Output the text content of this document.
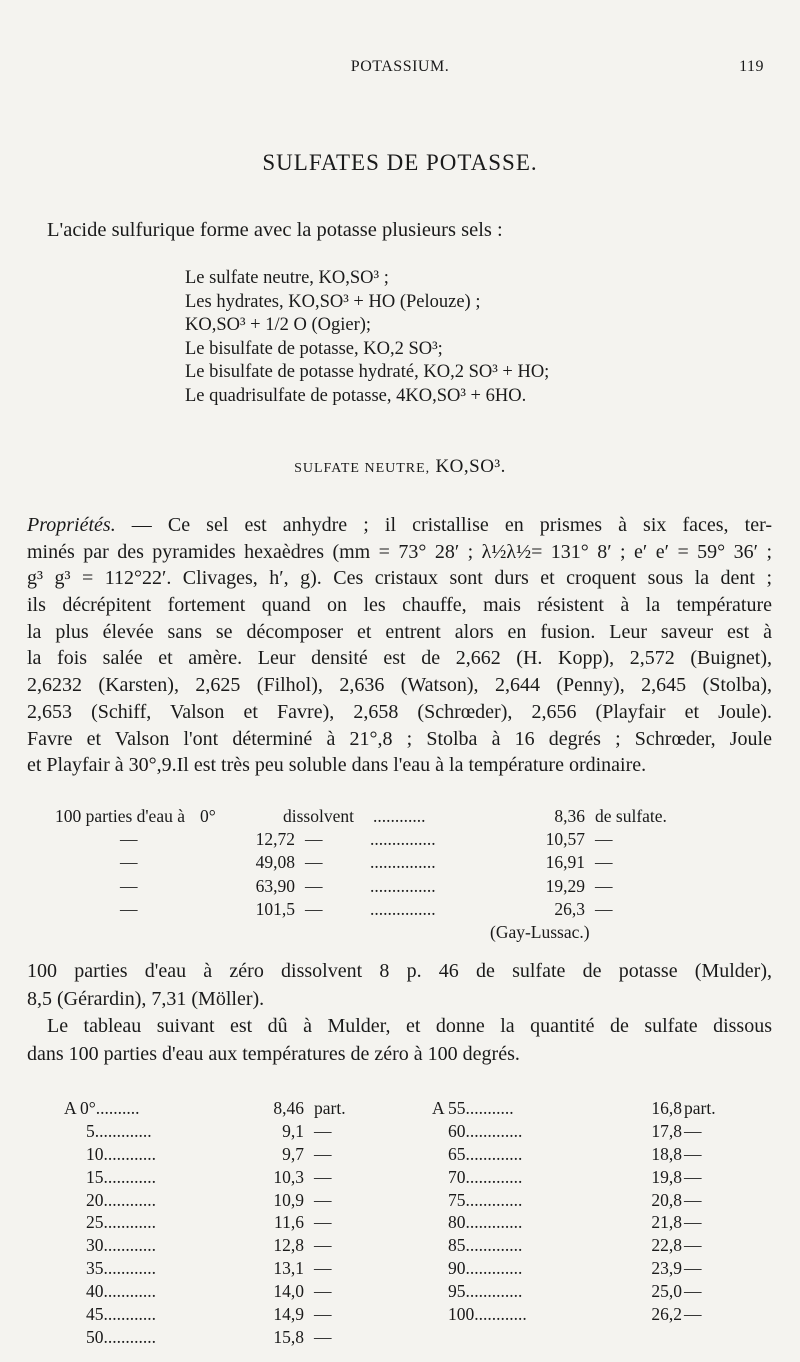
POTASSIUM.	119
SULFATES DE POTASSE.
L'acide sulfurique forme avec la potasse plusieurs sels :
Le sulfate neutre, KO,SO³ ;
Les hydrates, KO,SO³ + HO (Pelouze) ;
KO,SO³ + 1/2 O (Ogier);
Le bisulfate de potasse, KO,2 SO³;
Le bisulfate de potasse hydraté, KO,2 SO³ + HO;
Le quadrisulfate de potasse, 4KO,SO³ + 6HO.
SULFATE NEUTRE, KO,SO³.
Propriétés. — Ce sel est anhydre ; il cristallise en prismes à six faces, ter-
minés par des pyramides hexaèdres (mm = 73° 28′ ; λ½λ½= 131° 8′ ; e′ e′ = 59° 36′ ;
g³ g³ = 112°22′. Clivages, h′, g). Ces cristaux sont durs et croquent sous la dent ;
ils décrépitent fortement quand on les chauffe, mais résistent à la température
la plus élevée sans se décomposer et entrent alors en fusion. Leur saveur est à
la fois salée et amère. Leur densité est de 2,662 (H. Kopp), 2,572 (Buignet),
2,6232 (Karsten), 2,625 (Filhol), 2,636 (Watson), 2,644 (Penny), 2,645 (Stolba),
2,653 (Schiff, Valson et Favre), 2,658 (Schrœder), 2,656 (Playfair et Joule).
Favre et Valson l'ont déterminé à 21°,8 ; Stolba à 16 degrés ; Schrœder, Joule
et Playfair à 30°,9.Il est très peu soluble dans l'eau à la température ordinaire.
100 parties d'eau à 0°	dissolvent ............	8,36 de sulfate.
—	12,72 —	...............	10,57 —
—	49,08 —	...............	16,91 —
—	63,90 —	...............	19,29 —
—	101,5 —	...............	26,3 —
(Gay-Lussac.)
100 parties d'eau à zéro dissolvent 8 p. 46 de sulfate de potasse (Mulder),
8,5 (Gérardin), 7,31 (Möller).
Le tableau suivant est dû à Mulder, et donne la quantité de sulfate dissous
dans 100 parties d'eau aux températures de zéro à 100 degrés.
A 0°..........	8,46 part.
5.............	9,1 —
10............	9,7 —
15............	10,3 —
20............	10,9 —
25............	11,6 —
30............	12,8 —
35............	13,1 —
40............	14,0 —
45............	14,9 —
50............	15,8 —
A 55...........	16,8 part.
60.............	17,8 —
65.............	18,8 —
70.............	19,8 —
75.............	20,8 —
80.............	21,8 —
85.............	22,8 —
90.............	23,9 —
95.............	25,0 —
100............	26,2 —
